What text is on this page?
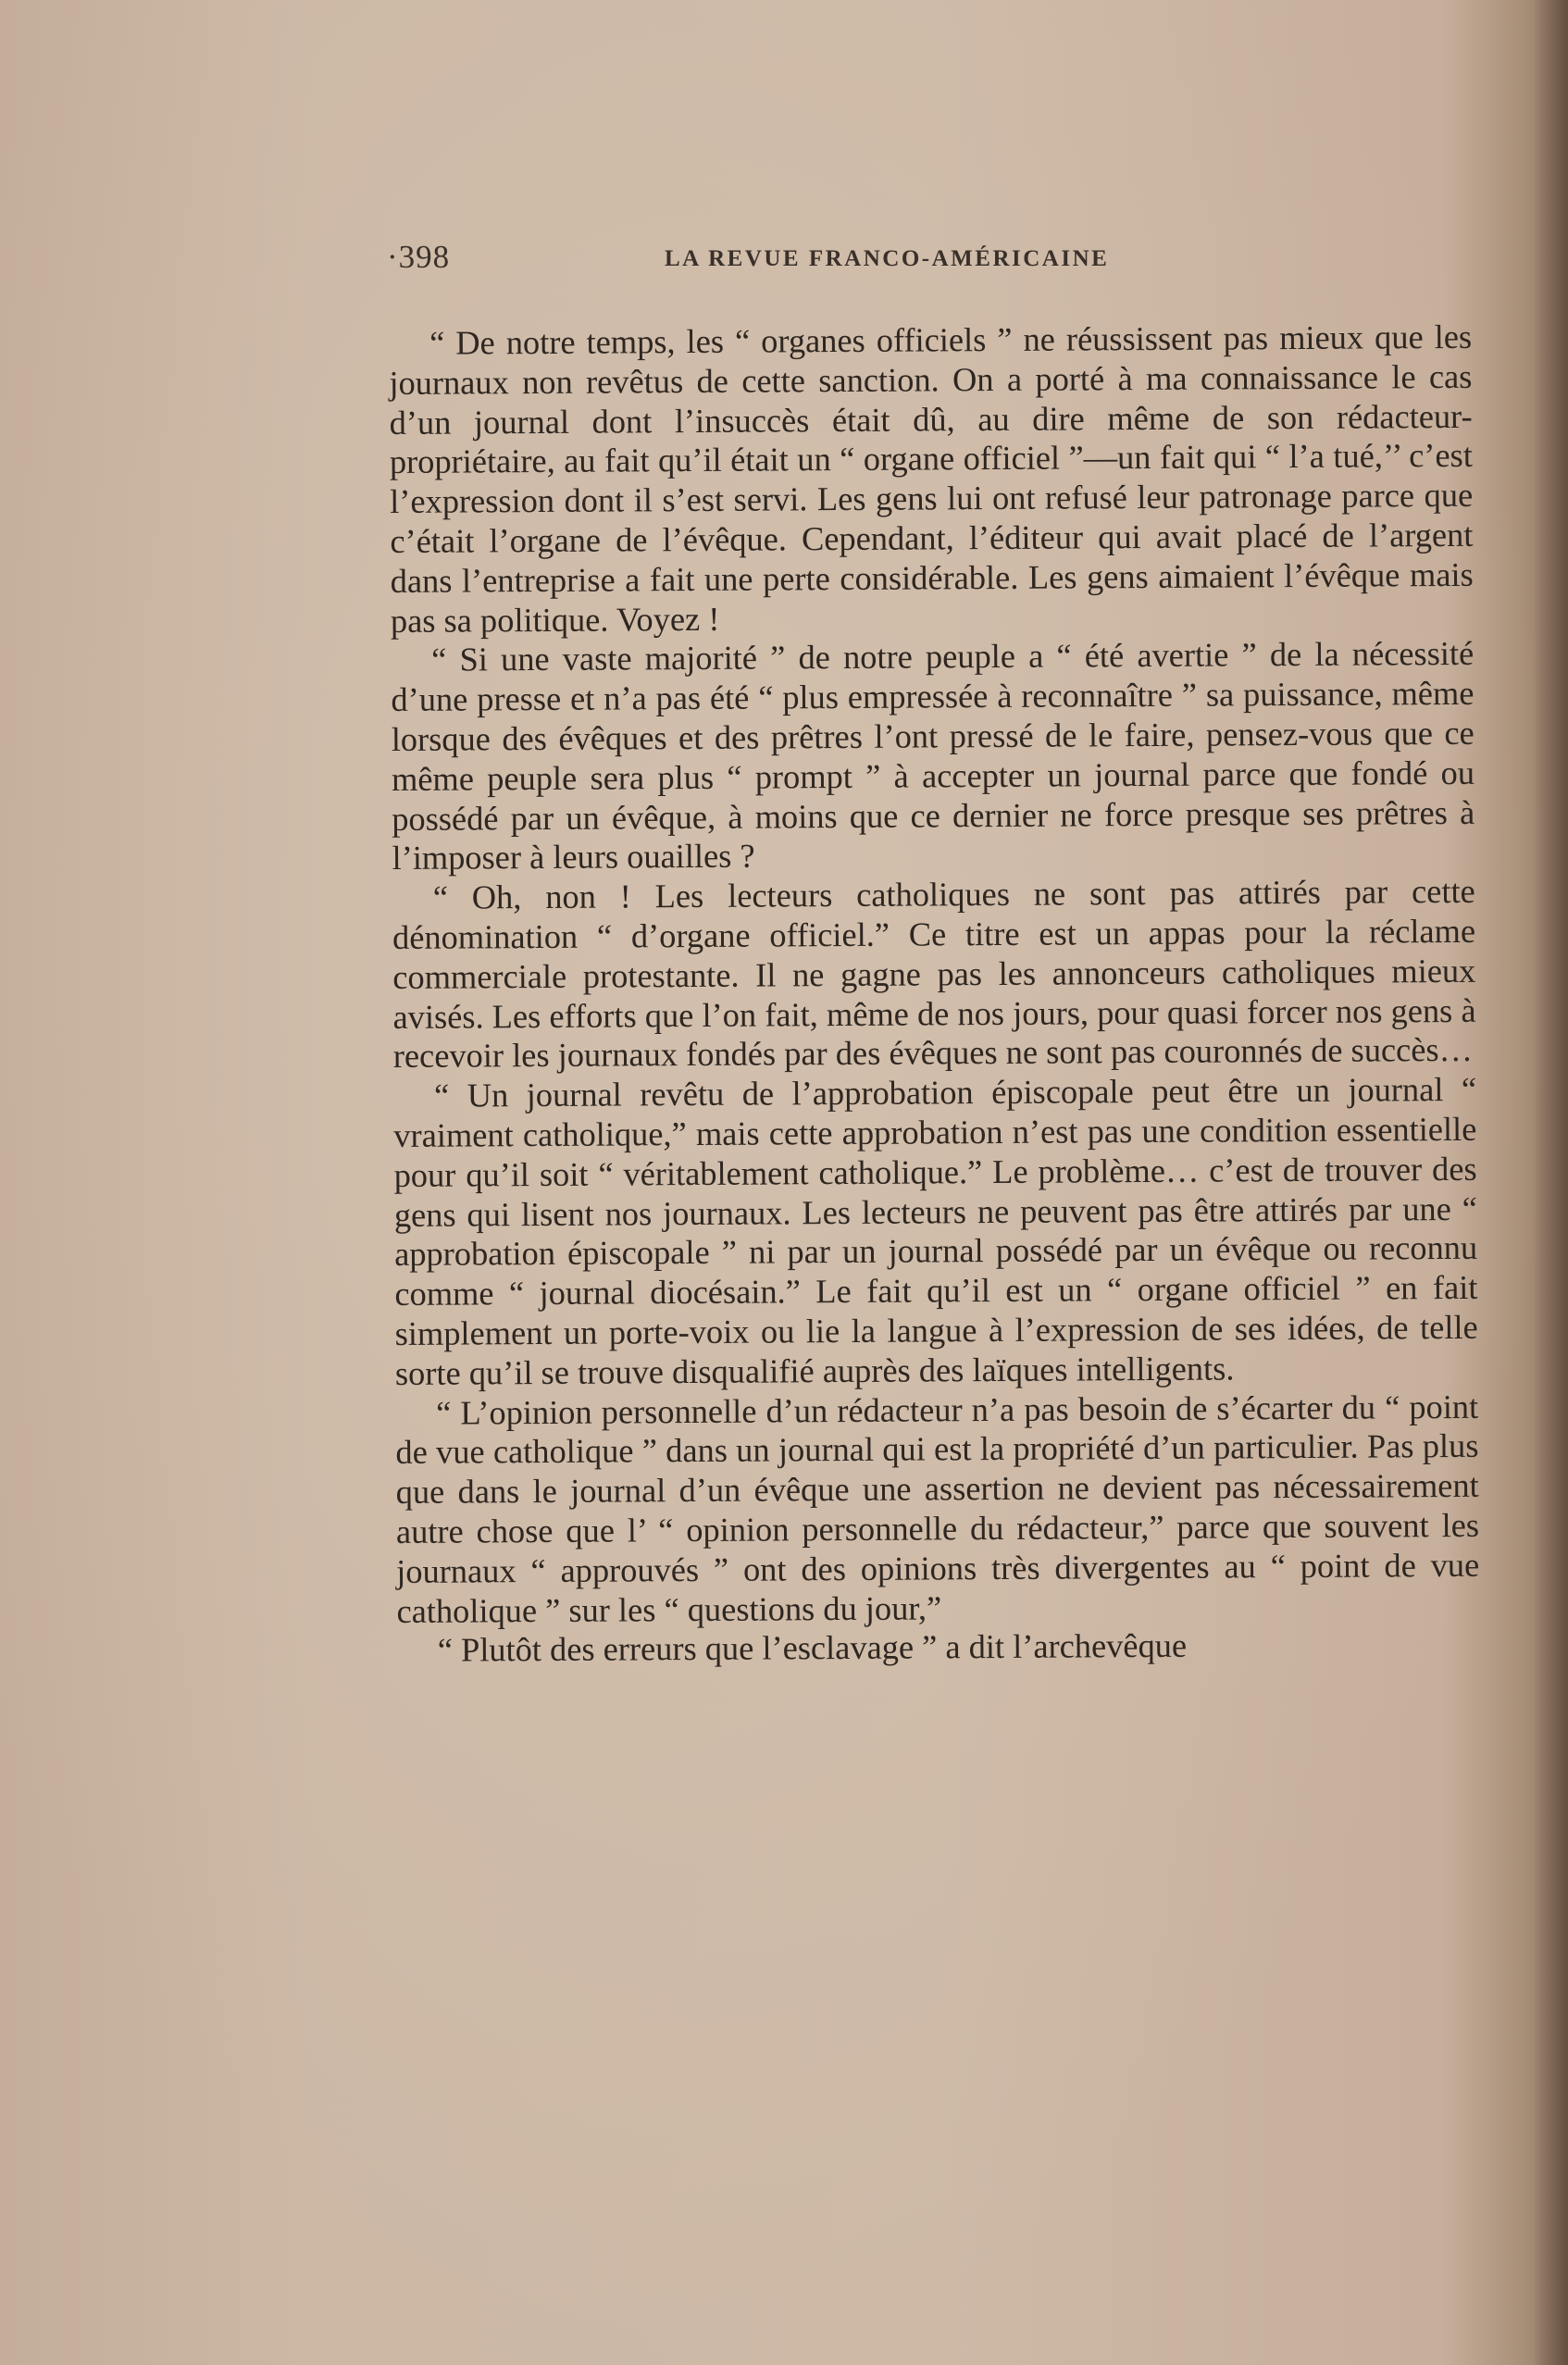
·398	LA REVUE FRANCO-AMÉRICAINE

“ De notre temps, les “ organes officiels ” ne réussissent pas mieux que les journaux non revêtus de cette sanction. On a porté à ma connaissance le cas d’un journal dont l’insuccès était dû, au dire même de son rédacteur-propriétaire, au fait qu’il était un “ organe officiel ”—un fait qui “ l’a tué,’’ c’est l’expression dont il s’est servi. Les gens lui ont refusé leur patronage parce que c’était l’organe de l’évêque. Cependant, l’éditeur qui avait placé de l’argent dans l’entreprise a fait une perte considérable. Les gens aimaient l’évêque mais pas sa politique. Voyez !

“ Si une vaste majorité ” de notre peuple a “ été avertie ” de la nécessité d’une presse et n’a pas été “ plus empressée à reconnaître ” sa puissance, même lorsque des évêques et des prêtres l’ont pressé de le faire, pensez-vous que ce même peuple sera plus “ prompt ” à accepter un journal parce que fondé ou possédé par un évêque, à moins que ce dernier ne force presque ses prêtres à l’imposer à leurs ouailles ?

“ Oh, non ! Les lecteurs catholiques ne sont pas attirés par cette dénomination “ d’organe officiel.” Ce titre est un appas pour la réclame commerciale protestante. Il ne gagne pas les annonceurs catholiques mieux avisés. Les efforts que l’on fait, même de nos jours, pour quasi forcer nos gens à recevoir les journaux fondés par des évêques ne sont pas couronnés de succès…

“ Un journal revêtu de l’approbation épiscopale peut être un journal “ vraiment catholique,” mais cette approbation n’est pas une condition essentielle pour qu’il soit “ véritablement catholique.” Le problème… c’est de trouver des gens qui lisent nos journaux. Les lecteurs ne peuvent pas être attirés par une “ approbation épiscopale ” ni par un journal possédé par un évêque ou reconnu comme “ journal diocésain.” Le fait qu’il est un “ organe officiel ” en fait simplement un porte-voix ou lie la langue à l’expression de ses idées, de telle sorte qu’il se trouve disqualifié auprès des laïques intelligents.

“ L’opinion personnelle d’un rédacteur n’a pas besoin de s’écarter du “ point de vue catholique ” dans un journal qui est la propriété d’un particulier. Pas plus que dans le journal d’un évêque une assertion ne devient pas nécessairement autre chose que l’ “ opinion personnelle du rédacteur,” parce que souvent les journaux “ approuvés ” ont des opinions très divergentes au “ point de vue catholique ” sur les “ questions du jour,”

“ Plutôt des erreurs que l’esclavage ” a dit l’archevêque
